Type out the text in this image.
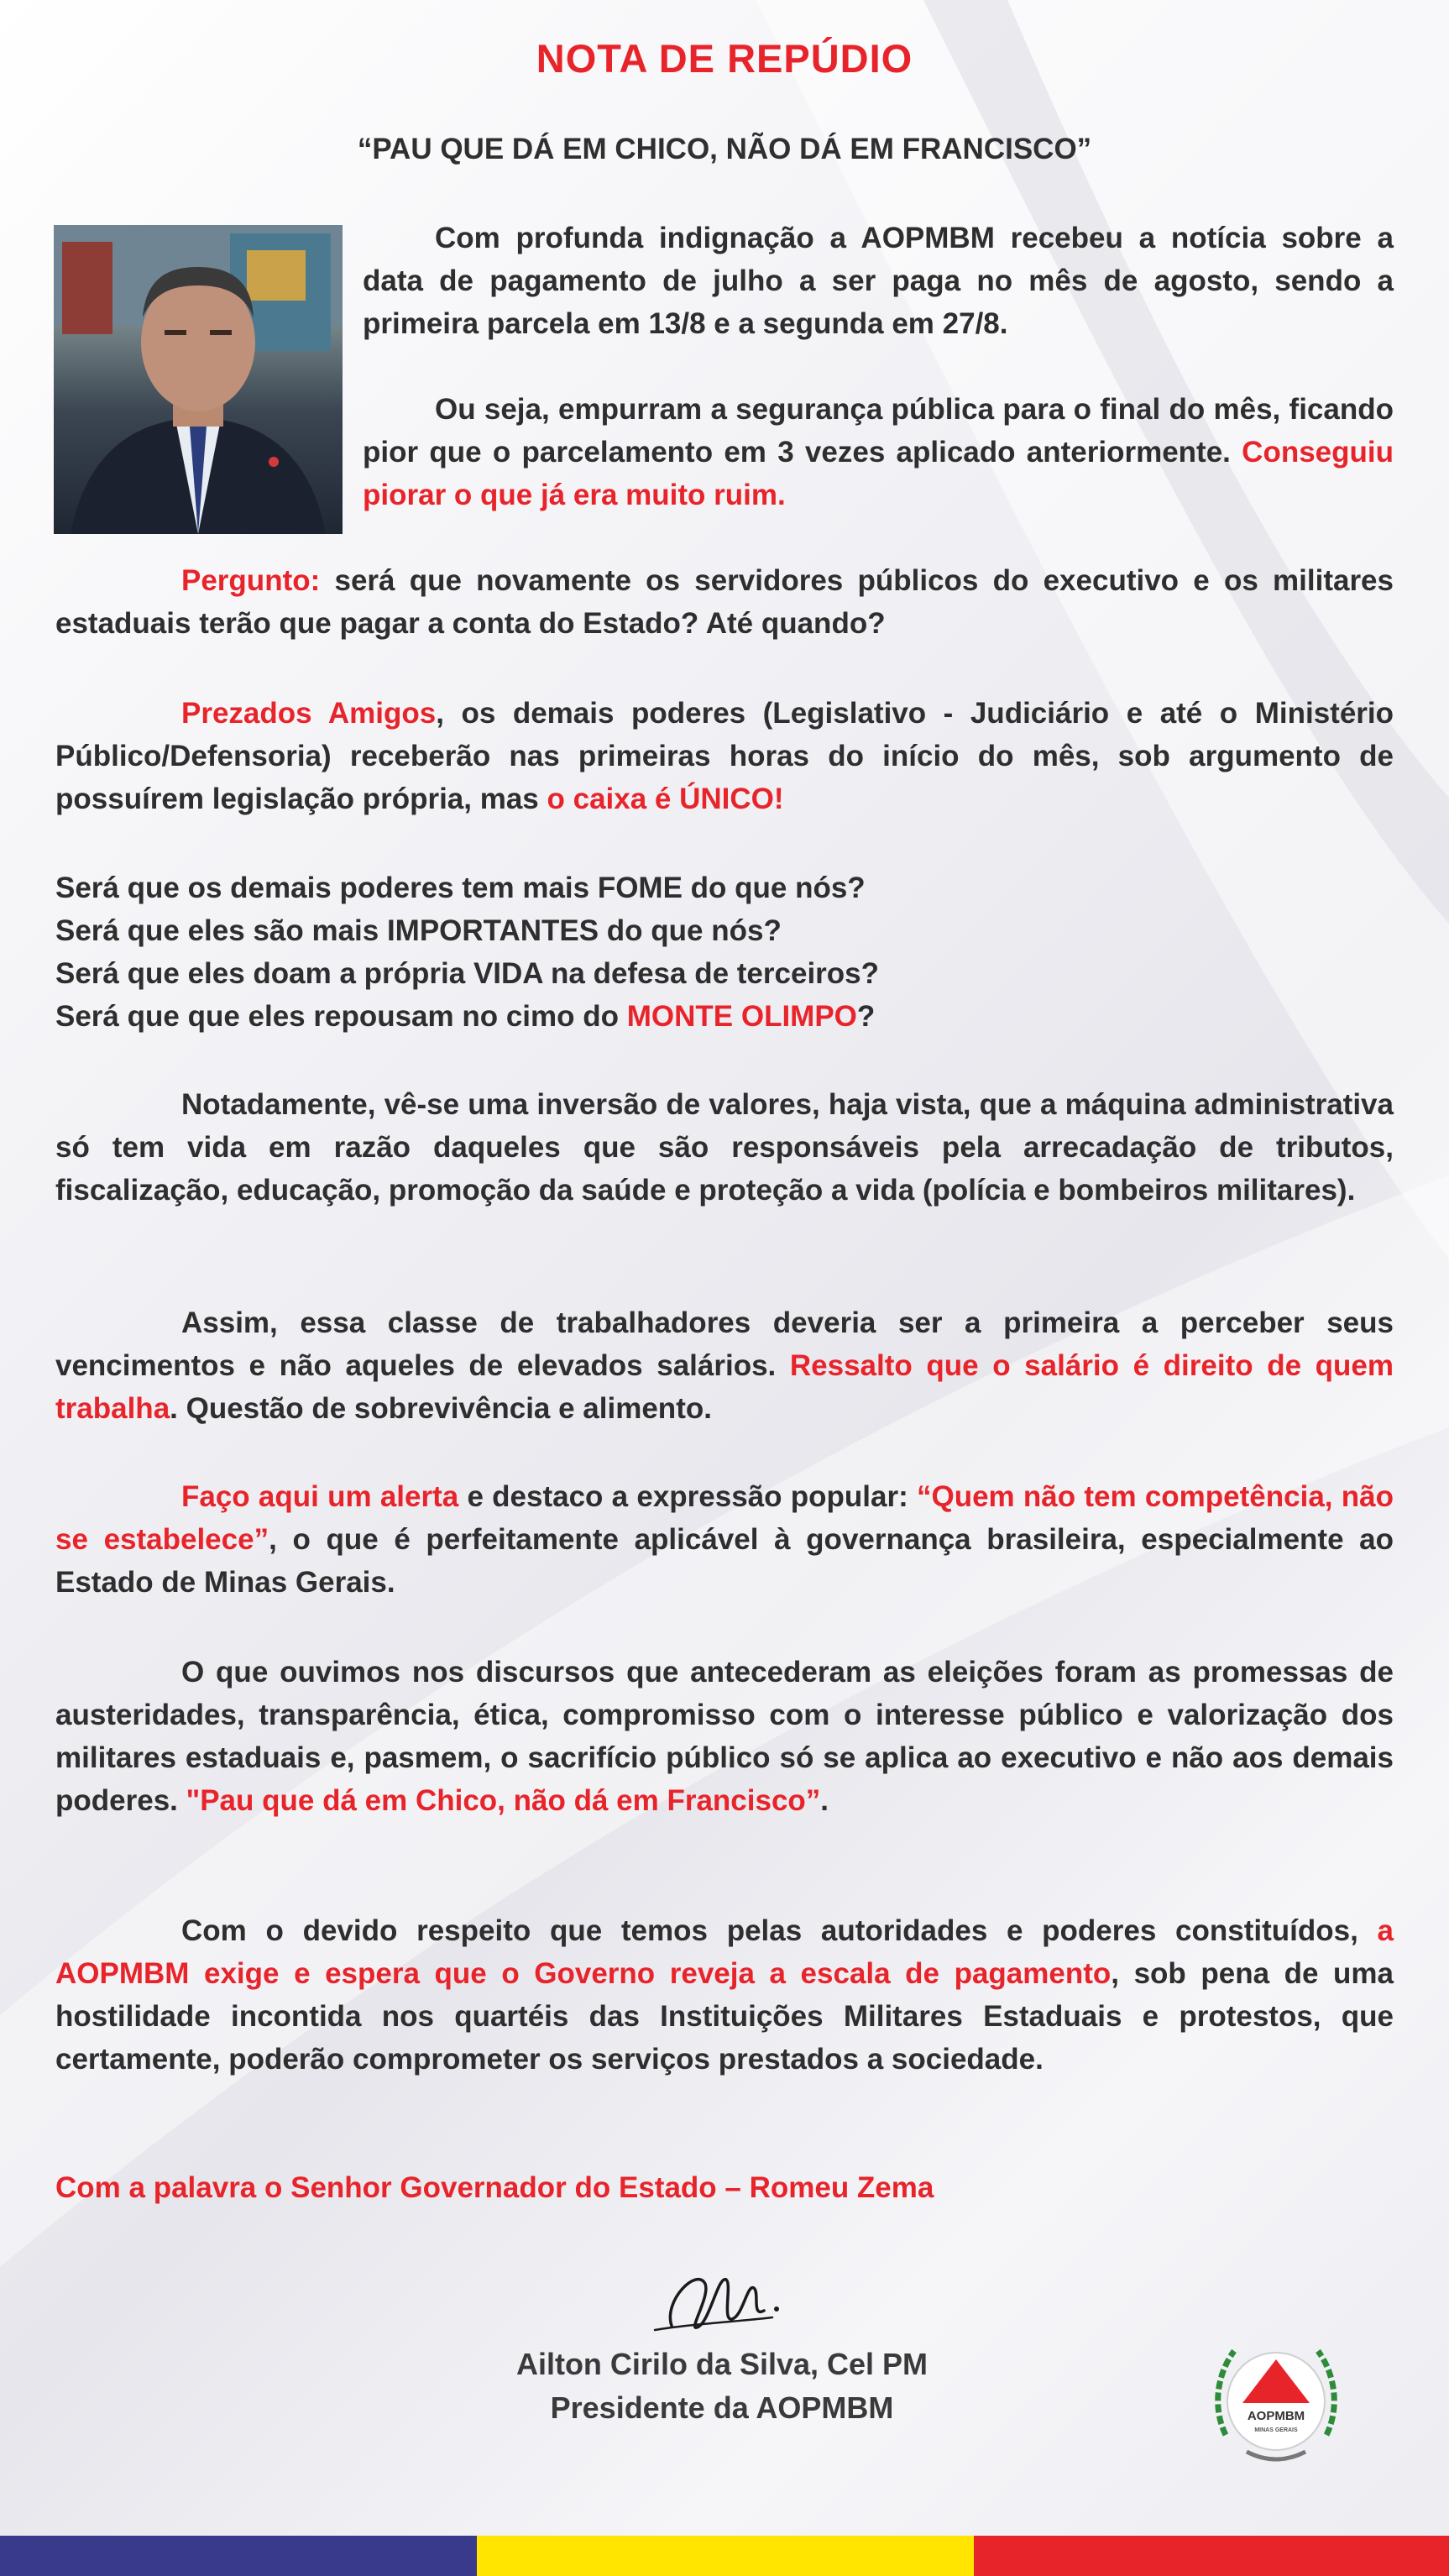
NOTA DE REPÚDIO
“PAU QUE DÁ EM CHICO, NÃO DÁ EM FRANCISCO”

Com profunda indignação a AOPMBM recebeu a notícia sobre a data de pagamento de julho a ser paga no mês de agosto, sendo a primeira parcela em 13/8 e a segunda em 27/8.

Ou seja, empurram a segurança pública para o final do mês, ficando pior que o parcelamento em 3 vezes aplicado anteriormente. Conseguiu piorar o que já era muito ruim.

Pergunto: será que novamente os servidores públicos do executivo e os militares estaduais terão que pagar a conta do Estado? Até quando?

Prezados Amigos, os demais poderes (Legislativo - Judiciário e até o Ministério Público/Defensoria) receberão nas primeiras horas do início do mês, sob argumento de possuírem legislação própria, mas o caixa é ÚNICO!

Será que os demais poderes tem mais FOME do que nós?
Será que eles são mais IMPORTANTES do que nós?
Será que eles doam a própria VIDA na defesa de terceiros?
Será que que eles repousam no cimo do MONTE OLIMPO?

Notadamente, vê-se uma inversão de valores, haja vista, que a máquina administrativa só tem vida em razão daqueles que são responsáveis pela arrecadação de tributos, fiscalização, educação, promoção da saúde e proteção a vida (polícia e bombeiros militares).

Assim, essa classe de trabalhadores deveria ser a primeira a perceber seus vencimentos e não aqueles de elevados salários. Ressalto que o salário é direito de quem trabalha. Questão de sobrevivência e alimento.

Faço aqui um alerta e destaco a expressão popular: “Quem não tem competência, não se estabelece”, o que é perfeitamente aplicável à governança brasileira, especialmente ao Estado de Minas Gerais.

O que ouvimos nos discursos que antecederam as eleições foram as promessas de austeridades, transparência, ética, compromisso com o interesse público e valorização dos militares estaduais e, pasmem, o sacrifício público só se aplica ao executivo e não aos demais poderes. "Pau que dá em Chico, não dá em Francisco”.

Com o devido respeito que temos pelas autoridades e poderes constituídos, a AOPMBM exige e espera que o Governo reveja a escala de pagamento, sob pena de uma hostilidade incontida nos quartéis das Instituições Militares Estaduais e protestos, que certamente, poderão comprometer os serviços prestados a sociedade.

Com a palavra o Senhor Governador do Estado – Romeu Zema

Ailton Cirilo da Silva, Cel PM
Presidente da AOPMBM	AOPMBM
MINAS GERAIS
